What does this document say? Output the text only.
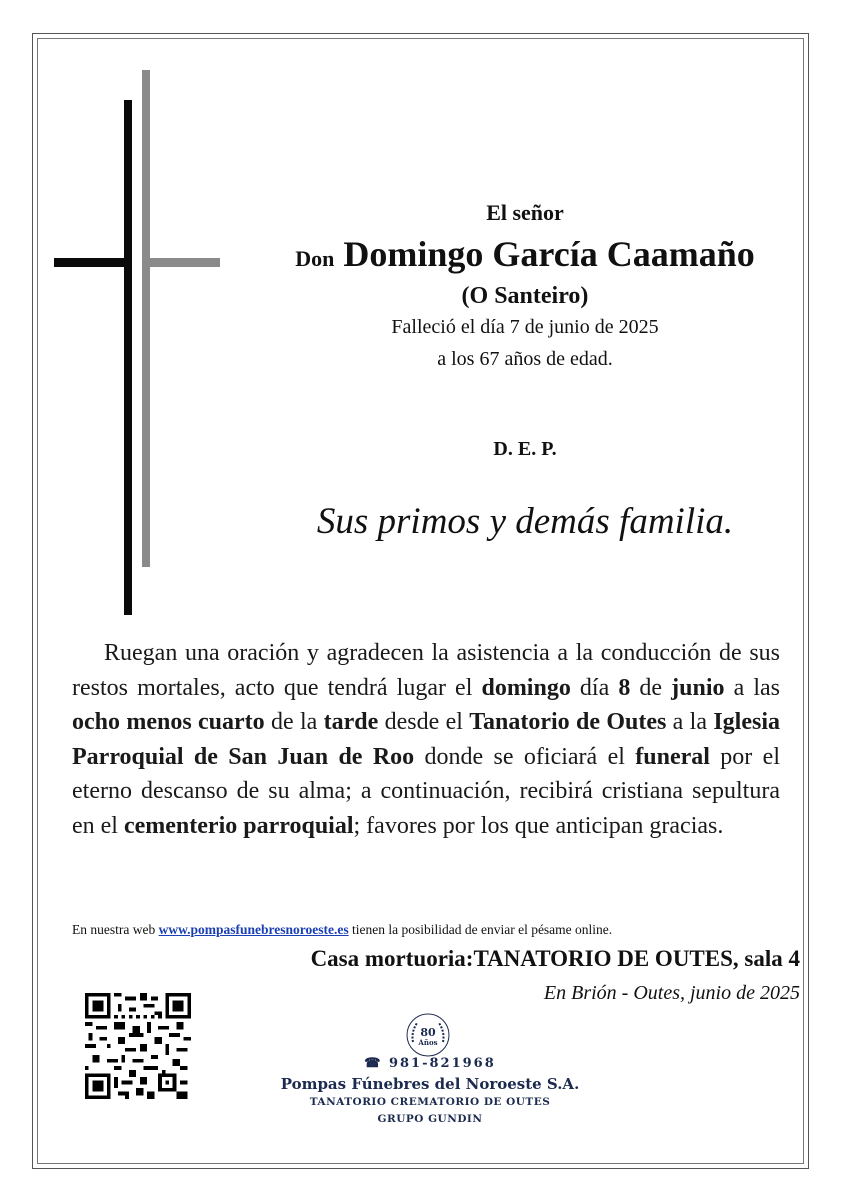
El señor
Don Domingo García Caamaño
(O Santeiro)
Falleció el día 7 de junio de 2025
a los 67 años de edad.
D. E. P.
Sus primos y demás familia.
Ruegan una oración y agradecen la asistencia a la conducción de sus restos mortales, acto que tendrá lugar el domingo día 8 de junio a las ocho menos cuarto de la tarde desde el Tanatorio de Outes a la Iglesia Parroquial de San Juan de Roo donde se oficiará el funeral por el eterno descanso de su alma; a continuación, recibirá cristiana sepultura en el cementerio parroquial; favores por los que anticipan gracias.
En nuestra web www.pompasfunebresnoroeste.es tienen la posibilidad de enviar el pésame online.
Casa mortuoria:TANATORIO DE OUTES, sala 4
En Brión - Outes, junio de 2025
80
Años
☎ 981-821968
Pompas Fúnebres del Noroeste S.A.
TANATORIO CREMATORIO DE OUTES
GRUPO GUNDIN
